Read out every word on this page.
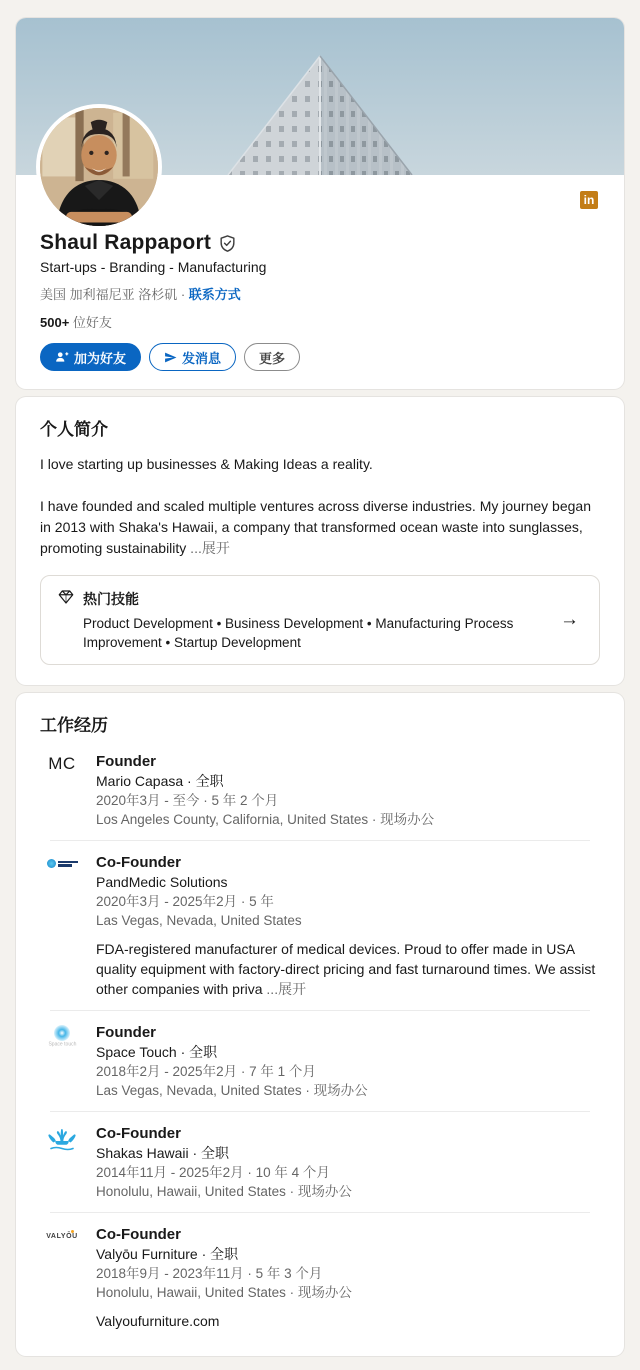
in
Shaul Rappaport
Start-ups - Branding - Manufacturing
美国 加利福尼亚 洛杉矶 · 联系方式
500+ 位好友
加为好友	发消息	更多
个人简介

I love starting up businesses & Making Ideas a reality.

I have founded and scaled multiple ventures across diverse industries. My journey began in 2013 with Shaka's Hawaii, a company that transformed ocean waste into sunglasses, promoting sustainability ...展开

热门技能
Product Development • Business Development • Manufacturing Process Improvement • Startup Development
→
工作经历
MC Founder
Mario Capasa · 全职
2020年3月 - 至今 · 5 年 2 个月
Los Angeles County, California, United States · 现场办公
Co-Founder
PandMedic Solutions
2020年3月 - 2025年2月 · 5 年
Las Vegas, Nevada, United States
FDA-registered manufacturer of medical devices. Proud to offer made in USA quality equipment with factory-direct pricing and fast turnaround times. We assist other companies with priva ...展开
Space touch
Founder
Space Touch · 全职
2018年2月 - 2025年2月 · 7 年 1 个月
Las Vegas, Nevada, United States · 现场办公
Co-Founder
Shakas Hawaii · 全职
2014年11月 - 2025年2月 · 10 年 4 个月
Honolulu, Hawaii, United States · 现场办公
VALYŌU Co-Founder
Valyōu Furniture · 全职
2018年9月 - 2023年11月 · 5 年 3 个月
Honolulu, Hawaii, United States · 现场办公
Valyoufurniture.com
